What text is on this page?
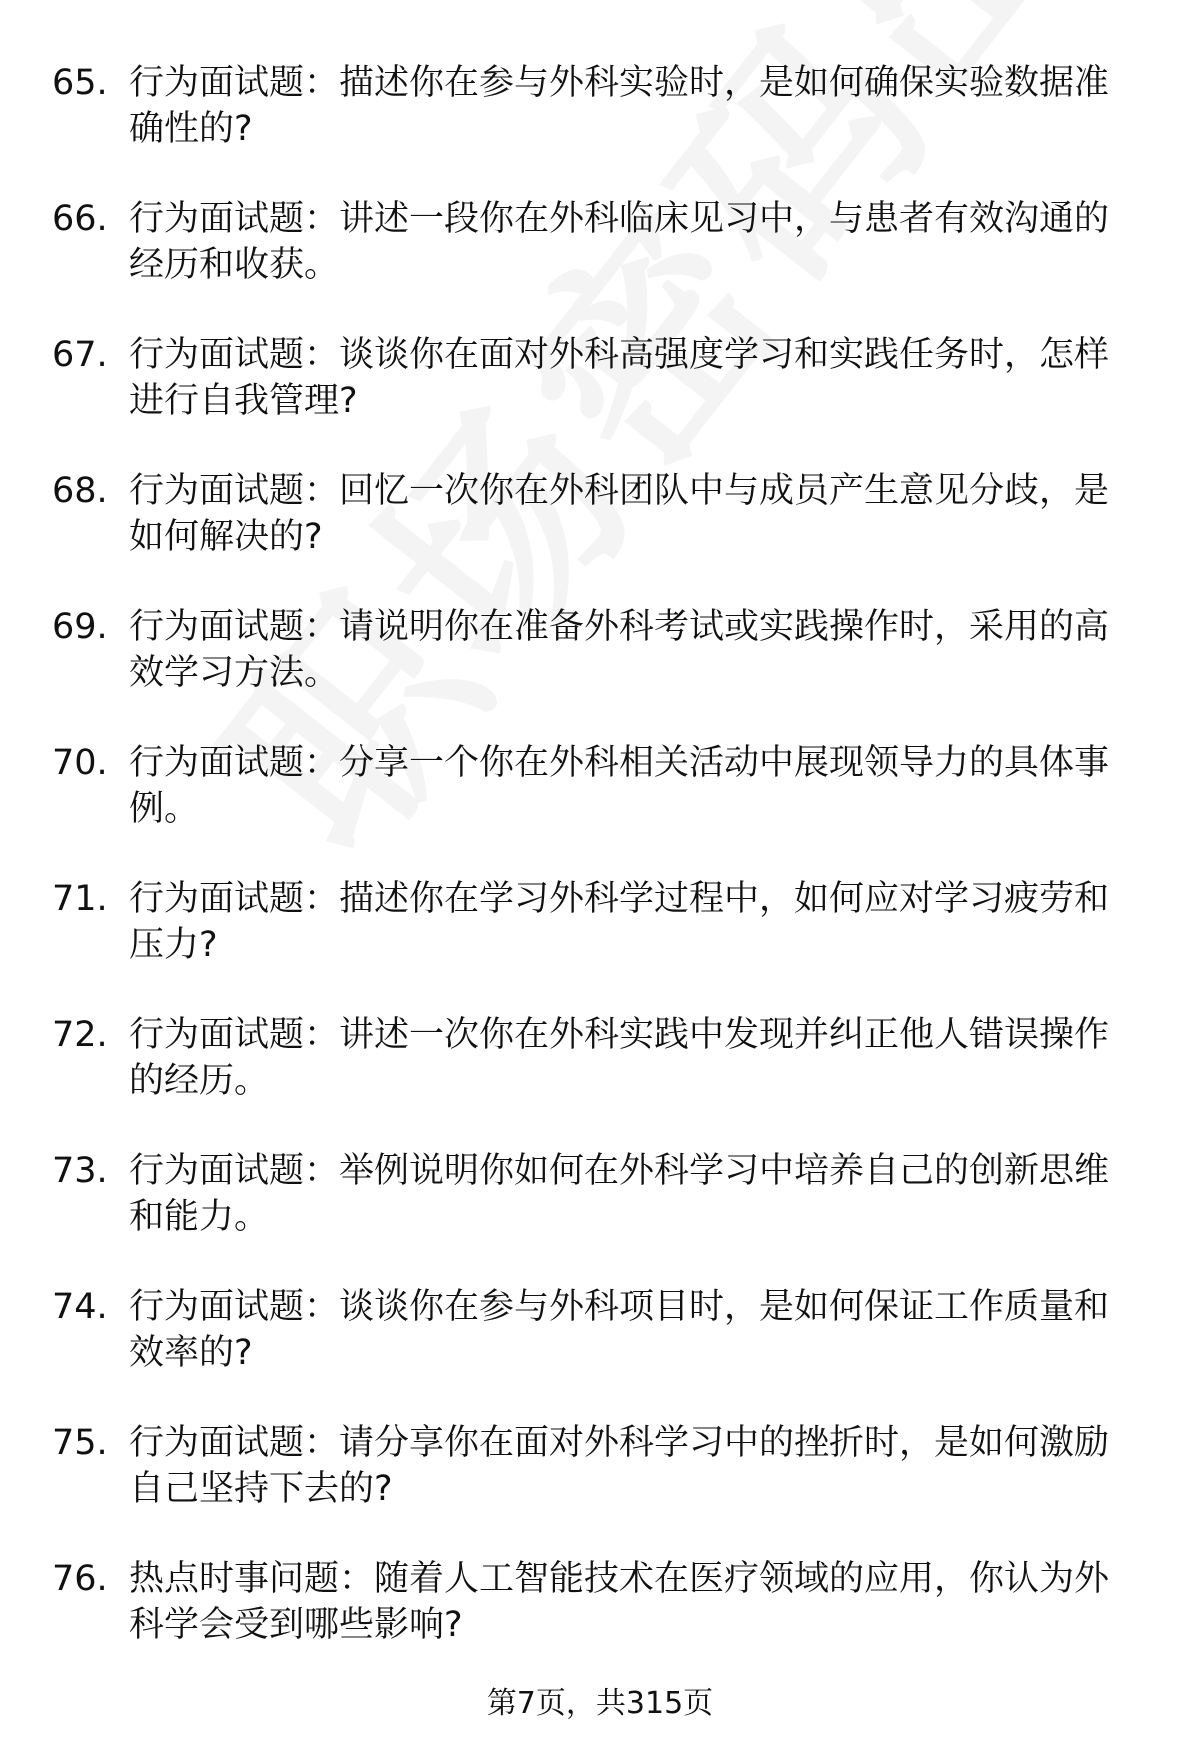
65. 行为面试题：描述你在参与外科实验时，是如何确保实验数据准确性的?
66. 行为面试题：讲述一段你在外科临床见习中，与患者有效沟通的经历和收获。
67. 行为面试题：谈谈你在面对外科高强度学习和实践任务时，怎样进行自我管理?
68. 行为面试题：回忆一次你在外科团队中与成员产生意见分歧，是如何解决的?
69. 行为面试题：请说明你在准备外科考试或实践操作时，采用的高效学习方法。
70. 行为面试题：分享一个你在外科相关活动中展现领导力的具体事例。
71. 行为面试题：描述你在学习外科学过程中，如何应对学习疲劳和压力?
72. 行为面试题：讲述一次你在外科实践中发现并纠正他人错误操作的经历。
73. 行为面试题：举例说明你如何在外科学习中培养自己的创新思维和能力。
74. 行为面试题：谈谈你在参与外科项目时，是如何保证工作质量和效率的?
75. 行为面试题：请分享你在面对外科学习中的挫折时，是如何激励自己坚持下去的?
76. 热点时事问题：随着人工智能技术在医疗领域的应用，你认为外科学会受到哪些影响?
第7页，共315页
